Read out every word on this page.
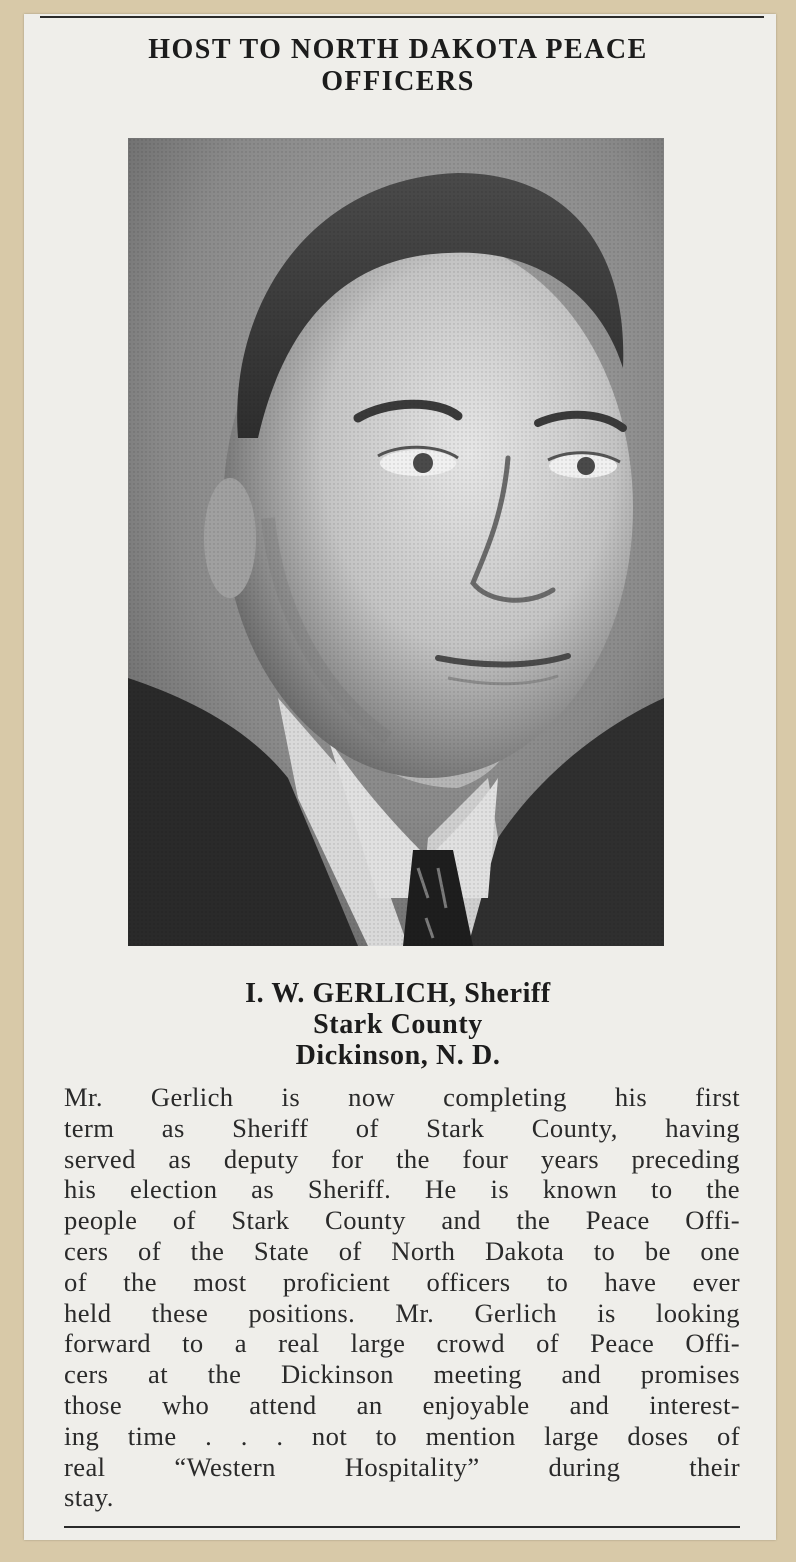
HOST TO NORTH DAKOTA PEACE
OFFICERS
I. W. GERLICH, Sheriff
Stark County
Dickinson, N. D.
Mr. Gerlich is now completing his first
term as Sheriff of Stark County, having
served as deputy for the four years preceding
his election as Sheriff. He is known to the
people of Stark County and the Peace Offi-
cers of the State of North Dakota to be one
of the most proficient officers to have ever
held these positions. Mr. Gerlich is looking
forward to a real large crowd of Peace Offi-
cers at the Dickinson meeting and promises
those who attend an enjoyable and interest-
ing time . . . not to mention large doses of
real “Western Hospitality” during their
stay.
